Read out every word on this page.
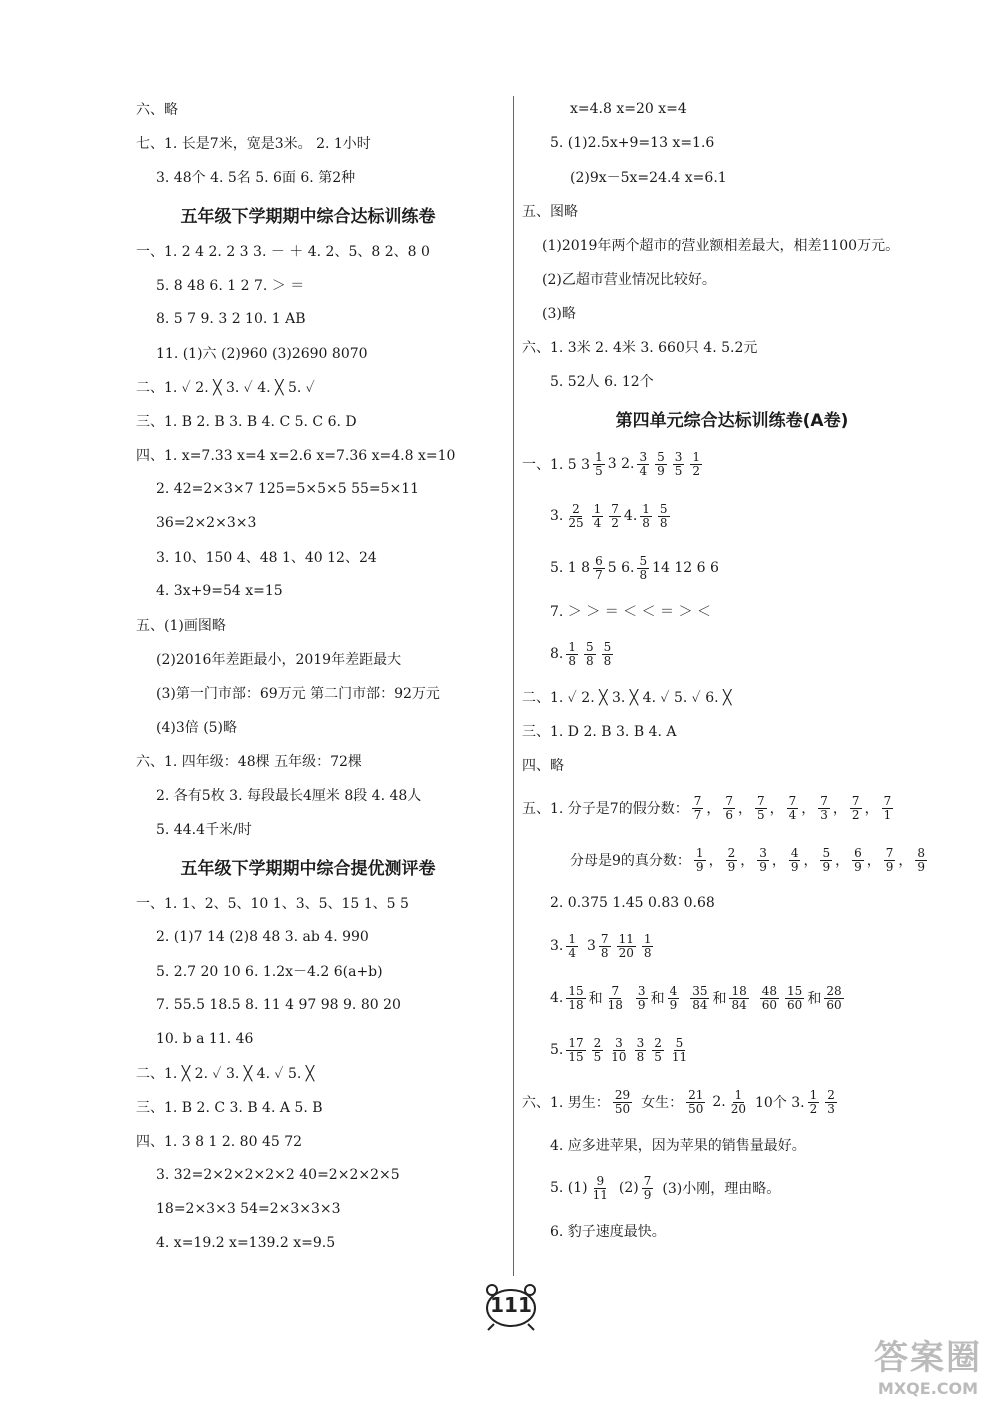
六、略
七、1. 长是7米，宽是3米。 2. 1小时
3. 48个 4. 5名 5. 6面 6. 第2种
五年级下学期期中综合达标训练卷
一、1. 2 4 2. 2 3 3. － ＋ 4. 2、5、8 2、8 0
5. 8 48 6. 1 2 7. ＞ ＝
8. 5 7 9. 3 2 10. 1 AB
11. (1)六 (2)960 (3)2690 8070
二、1. ✓ 2. ╳ 3. ✓ 4. ╳ 5. ✓
三、1. B 2. B 3. B 4. C 5. C 6. D
四、1. x=7.33 x=4 x=2.6 x=7.36 x=4.8 x=10
2. 42=2×3×7 125=5×5×5 55=5×11
36=2×2×3×3
3. 10、150 4、48 1、40 12、24
4. 3x+9=54 x=15
五、(1)画图略
(2)2016年差距最小，2019年差距最大
(3)第一门市部：69万元 第二门市部：92万元
(4)3倍 (5)略
六、1. 四年级：48棵 五年级：72棵
2. 各有5枚 3. 每段最长4厘米 8段 4. 48人
5. 44.4千米/时
五年级下学期期中综合提优测评卷
一、1. 1、2、5、10 1、3、5、15 1、5 5
2. (1)7 14 (2)8 48 3. ab 4. 990
5. 2.7 20 10 6. 1.2x－4.2 6(a+b)
7. 55.5 18.5 8. 11 4 97 98 9. 80 20
10. b a 11. 46
二、1. ╳ 2. ✓ 3. ╳ 4. ✓ 5. ╳
三、1. B 2. C 3. B 4. A 5. B
四、1. 3 8 1 2. 80 45 72
3. 32=2×2×2×2×2 40=2×2×2×5
18=2×3×3 54=2×3×3×3
4. x=19.2 x=139.2 x=9.5
x=4.8 x=20 x=4
5. (1)2.5x+9=13 x=1.6
(2)9x－5x=24.4 x=6.1
五、图略
(1)2019年两个超市的营业额相差最大，相差1100万元。
(2)乙超市营业情况比较好。
(3)略
六、1. 3米 2. 4米 3. 660只 4. 5.2元
5. 52人 6. 12个
第四单元综合达标训练卷(A卷)
一、1. 5 $3 \frac{1}{5} 3$ 2. $\frac{3}{4} \frac{5}{9} \frac{3}{5} \frac{1}{2}$
3. $\frac{2}{25} \frac{1}{4} \frac{7}{2} 4$. $\frac{1}{8} \frac{5}{8}$
5. 1 $8 \frac{6}{7} 5$ 6. $\frac{5}{8} 14$ 12 6 6
7. ＞ ＞ ＝ ＜ ＜ ＝ ＞ ＜
8. $\frac{1}{8} \frac{5}{8} \frac{5}{8}$
二、1. ✓ 2. ╳ 3. ╳ 4. ✓ 5. ✓ 6. ╳
三、1. D 2. B 3. B 4. A
四、略
五、1. 分子是7的假分数： $\frac{7}{7}$ ， $\frac{7}{6}$ ， $\frac{7}{5}$ ， $\frac{7}{4}$ ， $\frac{7}{3}$ ， $\frac{7}{2}$ ， $\frac{7}{1}$
分母是9的真分数： $\frac{1}{9}$ ， $\frac{2}{9}$ ， $\frac{3}{9}$ ， $\frac{4}{9}$ ， $\frac{5}{9}$ ， $\frac{6}{9}$ ， $\frac{7}{9}$ ， $\frac{8}{9}$
2. 0.375 1.45 0.83 0.68
3. $\frac{1}{4} 3 \frac{7}{8} \frac{11}{20} \frac{1}{8}$
4. $\frac{15}{18}$ 和 $\frac{7}{18} \frac{3}{9}$ 和 $\frac{4}{9} \frac{35}{84}$ 和 $\frac{18}{84} \frac{48}{60} \frac{15}{60}$ 和 $\frac{28}{60}$
5. $\frac{17}{15} \frac{2}{5} \frac{3}{10} \frac{3}{8} \frac{2}{5} \frac{5}{11}$
六、1. 男生： $\frac{29}{50}$ 女生： $\frac{21}{50} 2$. $\frac{1}{20} 10$个 3. $\frac{1}{2} \frac{2}{3}$
4. 应多进苹果，因为苹果的销售量最好。
5. $(1) \frac{9}{11} (2) \frac{7}{9} (3)$小刚，理由略。
6. 豹子速度最快。
111
答案圈
MXQE.COM
